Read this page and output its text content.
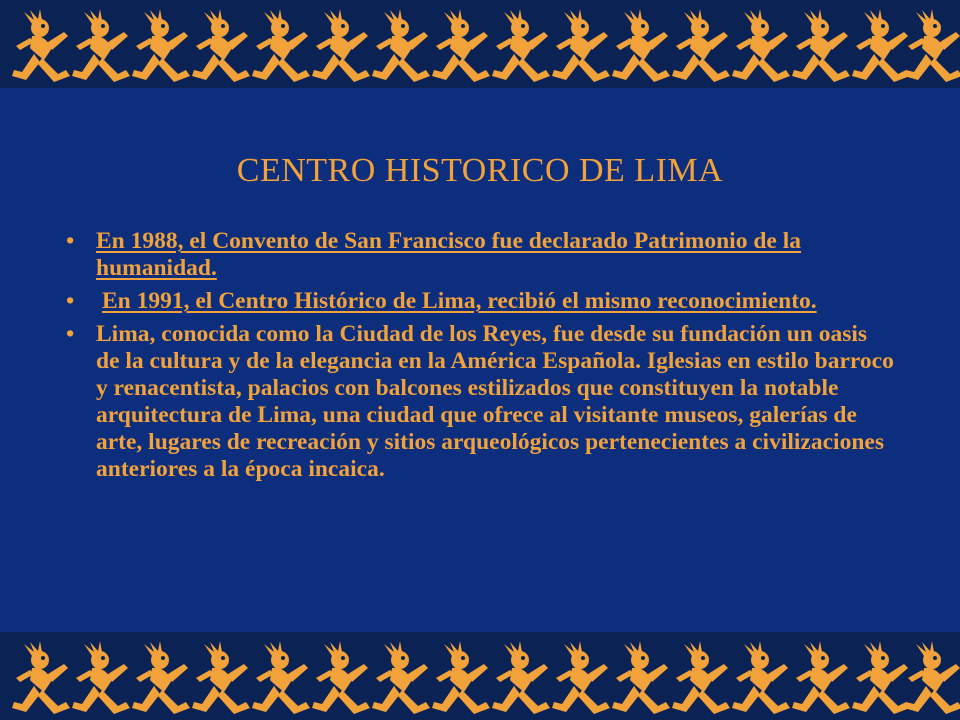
CENTRO HISTORICO DE LIMA
• En 1988, el Convento de San Francisco fue declarado Patrimonio de la humanidad.
• En 1991, el Centro Histórico de Lima, recibió el mismo reconocimiento.
• Lima, conocida como la Ciudad de los Reyes, fue desde su fundación un oasis de la cultura y de la elegancia en la América Española. Iglesias en estilo barroco y renacentista, palacios con balcones estilizados que constituyen la notable arquitectura de Lima, una ciudad que ofrece al visitante museos, galerías de arte, lugares de recreación y sitios arqueológicos pertenecientes a civilizaciones anteriores a la época incaica.
